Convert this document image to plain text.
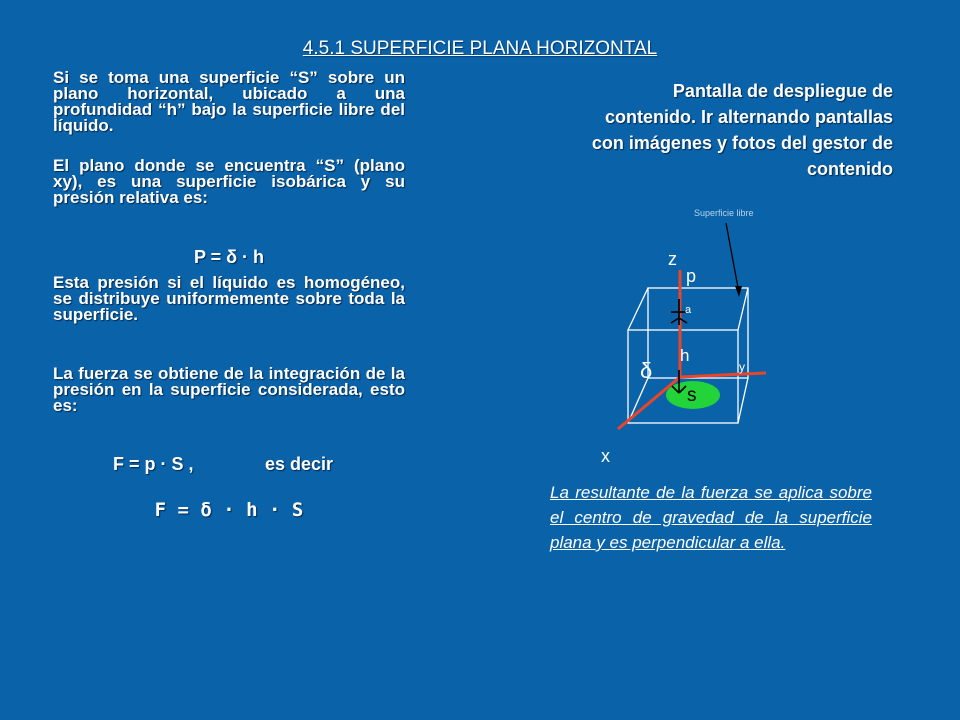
4.5.1 SUPERFICIE PLANA HORIZONTAL

Si se toma una superficie “S” sobre un plano horizontal, ubicado a una profundidad “h” bajo la superficie libre del líquido.

El plano donde se encuentra “S” (plano xy), es una superficie isobárica y su presión relativa es:

P = δ · h

Esta presión si el líquido es homogéneo, se distribuye uniformemente sobre toda la superficie.

La fuerza se obtiene de la integración de la presión en la superficie considerada, esto es:

F = p · S ,	es decir
F = δ · h · S
Pantalla de despliegue de contenido. Ir alternando pantallas con imágenes y fotos del gestor de contenido
Superficie libre
z
p
a
h
δ
s
y
x
La resultante de la fuerza se aplica sobre el centro de gravedad de la superficie plana y es perpendicular a ella.
